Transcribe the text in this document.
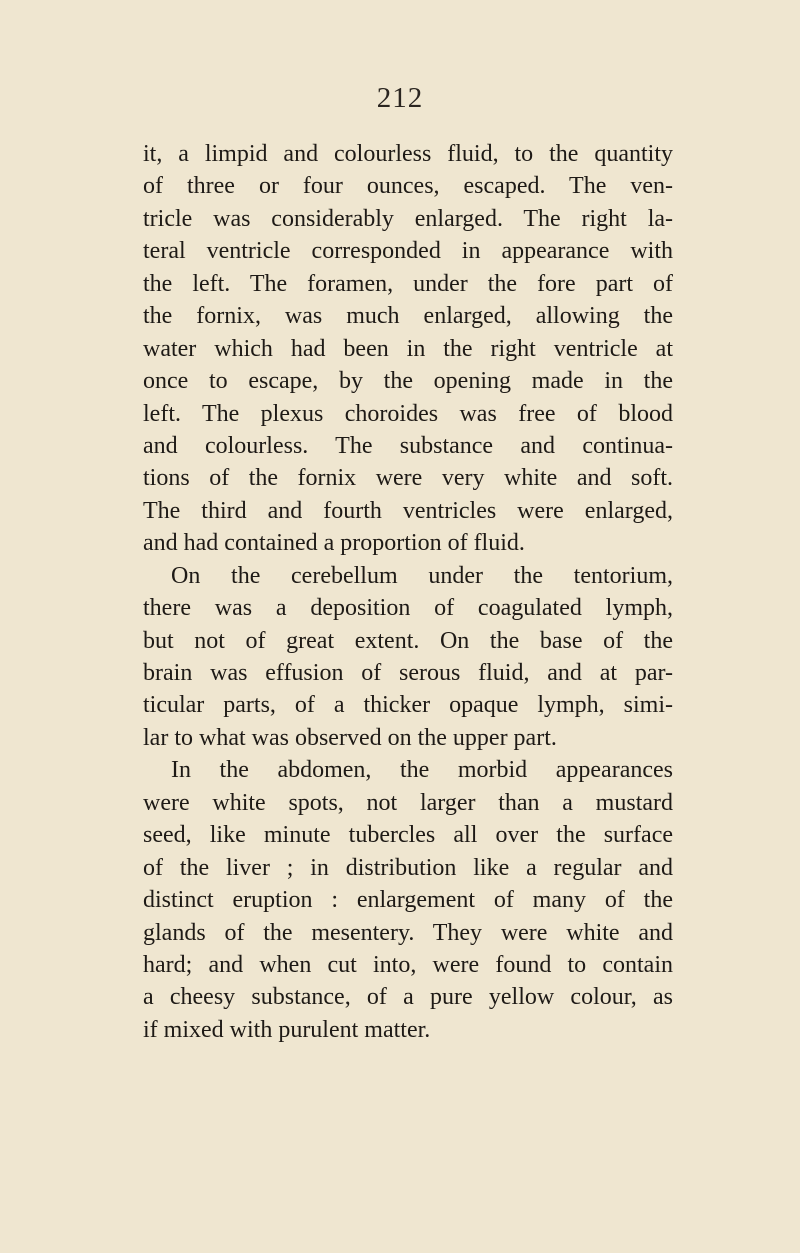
212
it, a limpid and colourless fluid, to the quantity
of three or four ounces, escaped. The ven-
tricle was considerably enlarged. The right la-
teral ventricle corresponded in appearance with
the left. The foramen, under the fore part of
the fornix, was much enlarged, allowing the
water which had been in the right ventricle at
once to escape, by the opening made in the
left. The plexus choroides was free of blood
and colourless. The substance and continua-
tions of the fornix were very white and soft.
The third and fourth ventricles were enlarged,
and had contained a proportion of fluid.
On the cerebellum under the tentorium,
there was a deposition of coagulated lymph,
but not of great extent. On the base of the
brain was effusion of serous fluid, and at par-
ticular parts, of a thicker opaque lymph, simi-
lar to what was observed on the upper part.
In the abdomen, the morbid appearances
were white spots, not larger than a mustard
seed, like minute tubercles all over the surface
of the liver ; in distribution like a regular and
distinct eruption : enlargement of many of the
glands of the mesentery. They were white and
hard; and when cut into, were found to contain
a cheesy substance, of a pure yellow colour, as
if mixed with purulent matter.
